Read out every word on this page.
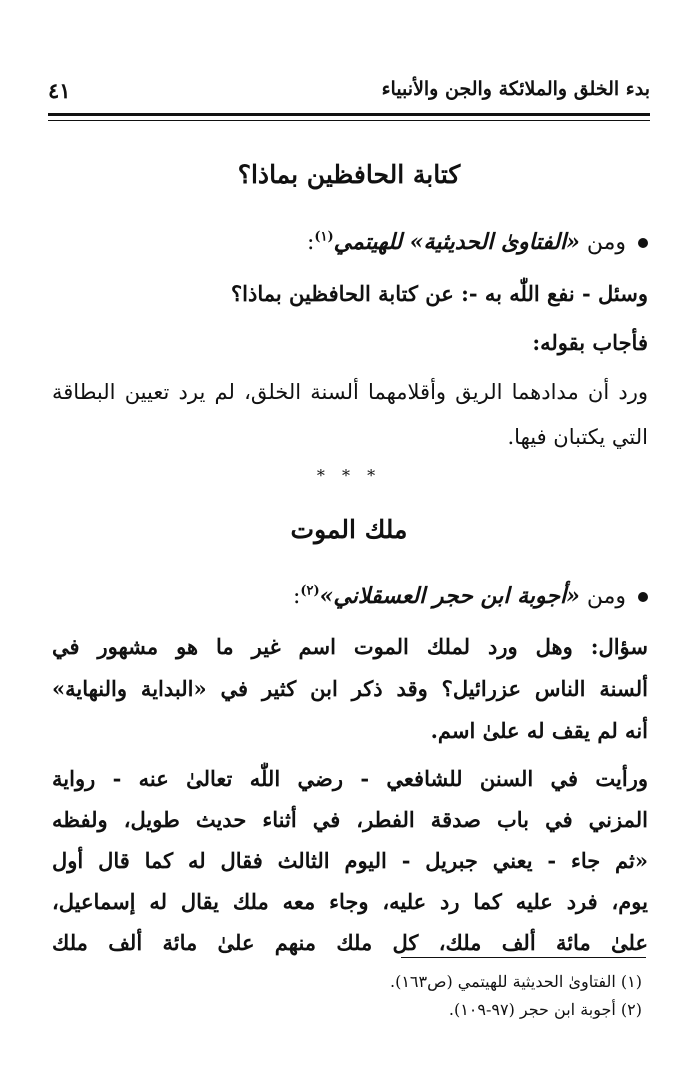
بدء الخلق والملائكة والجن والأنبياء
٤١
كتابة الحافظين بماذا؟
ومن «الفتاوىٰ الحديثية» للهيتمي$^{(١)}$:
وسئل - نفع اللّٰه به -: عن كتابة الحافظين بماذا؟
فأجاب بقوله:
ورد أن مدادهما الريق وأقلامهما ألسنة الخلق، لم يرد تعيين البطاقة
التي يكتبان فيها.
* * *
ملك الموت
ومن «أجوبة ابن حجر العسقلاني»$^{(٢)}$:
سؤال: وهل ورد لملك الموت اسم غير ما هو مشهور في
ألسنة الناس عزرائيل؟ وقد ذكر ابن كثير في «البداية والنهاية»
أنه لم يقف له علىٰ اسم.
ورأيت في السنن للشافعي - رضي اللّٰه تعالىٰ عنه - رواية
المزني في باب صدقة الفطر، في أثناء حديث طويل، ولفظه
«ثم جاء - يعني جبريل - اليوم الثالث فقال له كما قال أول
يوم، فرد عليه كما رد عليه، وجاء معه ملك يقال له إسماعيل،
علىٰ مائة ألف ملك، كل ملك منهم علىٰ مائة ألف ملك
(١) الفتاوىٰ الحديثية للهيتمي (ص١٦٣).
(٢) أجوبة ابن حجر (٩٧-١٠٩).
